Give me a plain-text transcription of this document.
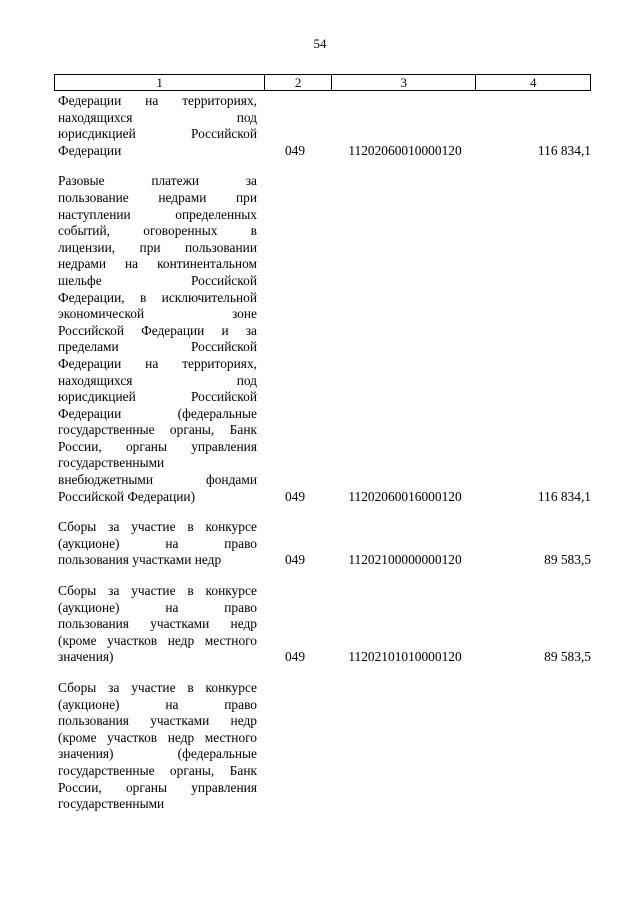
54
1	2	3	4

Федерации на территориях,

находящихся под

юрисдикцией Российской

Федерации	049	11202060010000120	116 834,1

Разовые платежи за

пользование недрами при

наступлении определенных

событий, оговоренных в

лицензии, при пользовании

недрами на континентальном

шельфе Российской

Федерации, в исключительной

экономической зоне

Российской Федерации и за

пределами Российской

Федерации на территориях,

находящихся под

юрисдикцией Российской

Федерации (федеральные

государственные органы, Банк

России, органы управления

государственными

внебюджетными фондами

Российской Федерации)	049	11202060016000120	116 834,1

Сборы за участие в конкурсе

(аукционе) на право

пользования участками недр	049	11202100000000120	89 583,5

Сборы за участие в конкурсе

(аукционе) на право

пользования участками недр

(кроме участков недр местного

значения)	049	11202101010000120	89 583,5

Сборы за участие в конкурсе

(аукционе) на право

пользования участками недр

(кроме участков недр местного

значения) (федеральные

государственные органы, Банк

России, органы управления

государственными
